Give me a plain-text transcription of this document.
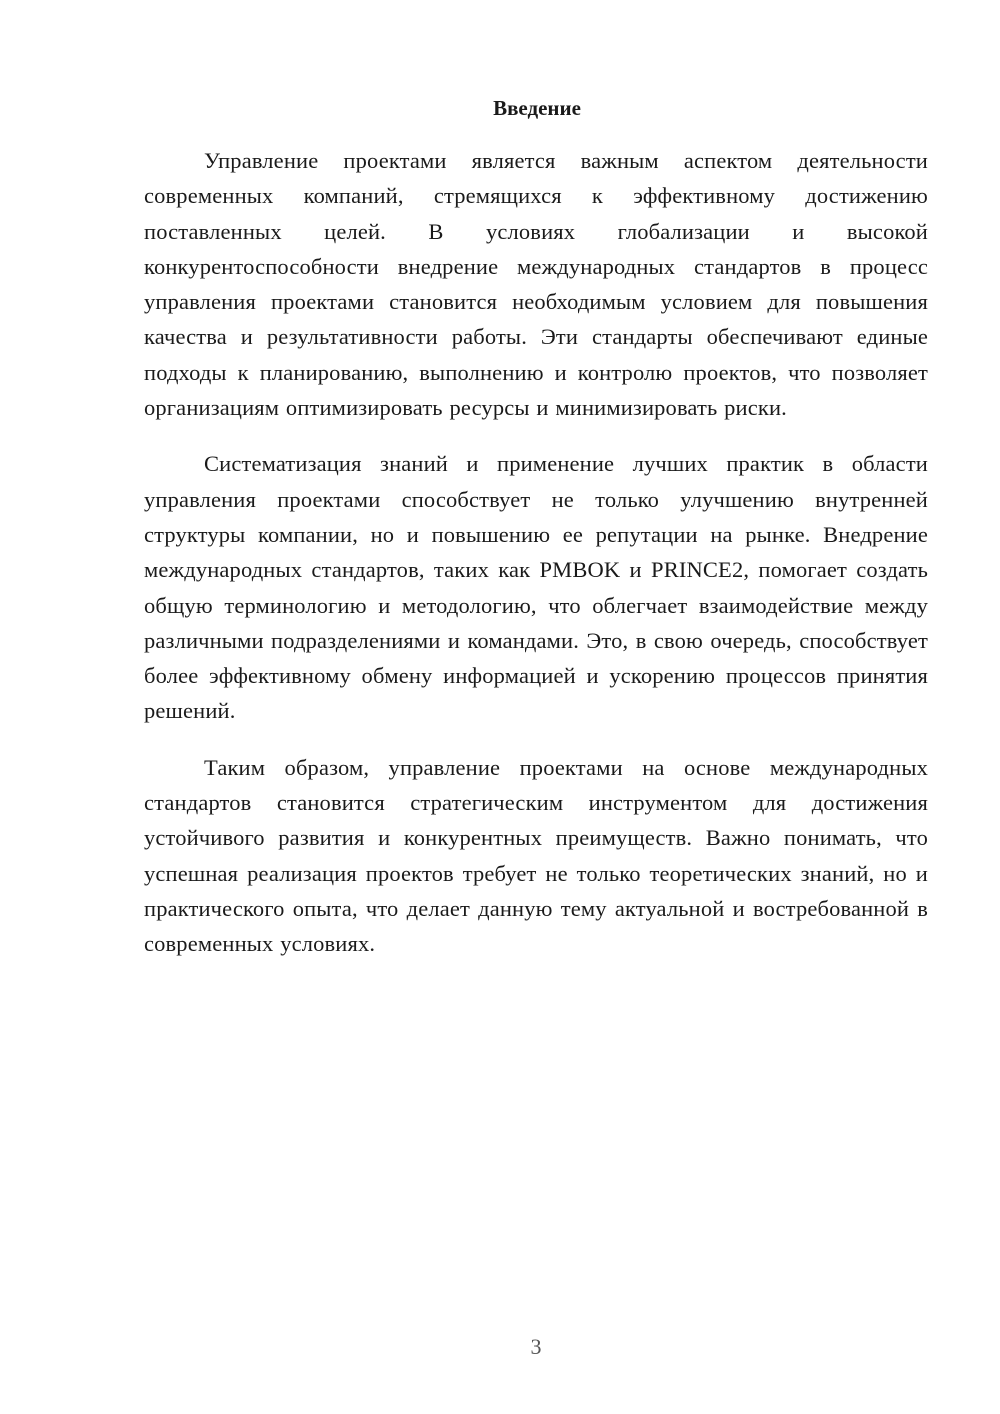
Введение

Управление проектами является важным аспектом деятельности современных компаний, стремящихся к эффективному достижению поставленных целей. В условиях глобализации и высокой конкурентоспособности внедрение международных стандартов в процесс управления проектами становится необходимым условием для повышения качества и результативности работы. Эти стандарты обеспечивают единые подходы к планированию, выполнению и контролю проектов, что позволяет организациям оптимизировать ресурсы и минимизировать риски.

Систематизация знаний и применение лучших практик в области управления проектами способствует не только улучшению внутренней структуры компании, но и повышению ее репутации на рынке. Внедрение международных стандартов, таких как PMBOK и PRINCE2, помогает создать общую терминологию и методологию, что облегчает взаимодействие между различными подразделениями и командами. Это, в свою очередь, способствует более эффективному обмену информацией и ускорению процессов принятия решений.

Таким образом, управление проектами на основе международных стандартов становится стратегическим инструментом для достижения устойчивого развития и конкурентных преимуществ. Важно понимать, что успешная реализация проектов требует не только теоретических знаний, но и практического опыта, что делает данную тему актуальной и востребованной в современных условиях.

3
